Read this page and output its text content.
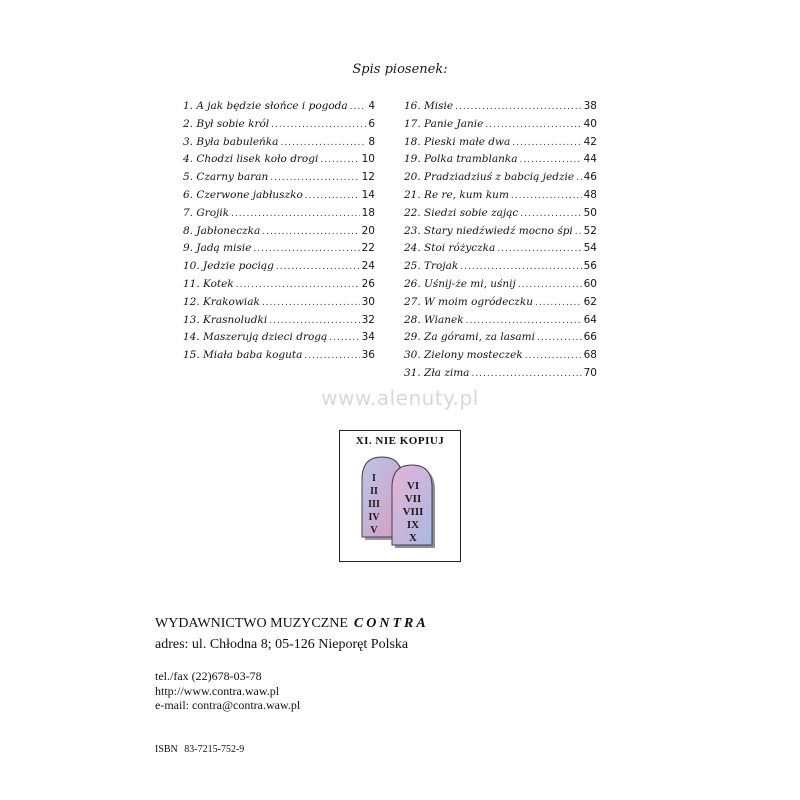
Spis piosenek:
1. A jak będzie słońce i pogoda ..... 4
2. Był sobie król .....	6
3. Była babuleńka .....	8
4. Chodzi lisek koło drogi .....	10
5. Czarny baran .....	12
6. Czerwone jabłuszko .....	14
7. Grojik .....	18
8. Jabłoneczka .....	20
9. Jadą misie .....	22
10. Jedzie pociąg .....	24
11. Kotek .....	26
12. Krakowiak .....	30
13. Krasnoludki .....	32
14. Maszerują dzieci drogą .....	34
15. Miała baba koguta .....	36
16. Misie .....	38
17. Panie Janie .....	40
18. Pieski małe dwa .....	42
19. Polka tramblanka .....	44
20. Pradziadziuś z babcią jedzie ..... 46
21. Re re, kum kum .....	48
22. Siedzi sobie zając .....	50
23. Stary niedźwiedź mocno śpi ..... 52
24. Stoi różyczka .....	54
25. Trojak .....	56
26. Uśnij-że mi, uśnij .....	60
27. W moim ogródeczku .....	62
28. Wianek .....	64
29. Za górami, za lasami .....	66
30. Zielony mosteczek .....	68
31. Zła zima .....	70
www.alenuty.pl
XI. NIE KOPIUJ
I
II
III
IV
V
VI
VII
VIII
IX
X
WYDAWNICTWO MUZYCZNE CONTRA
adres: ul. Chłodna 8; 05-126 Nieporęt Polska
tel./fax (22)678-03-78
http://www.contra.waw.pl
e-mail: contra@contra.waw.pl
ISBN 83-7215-752-9
